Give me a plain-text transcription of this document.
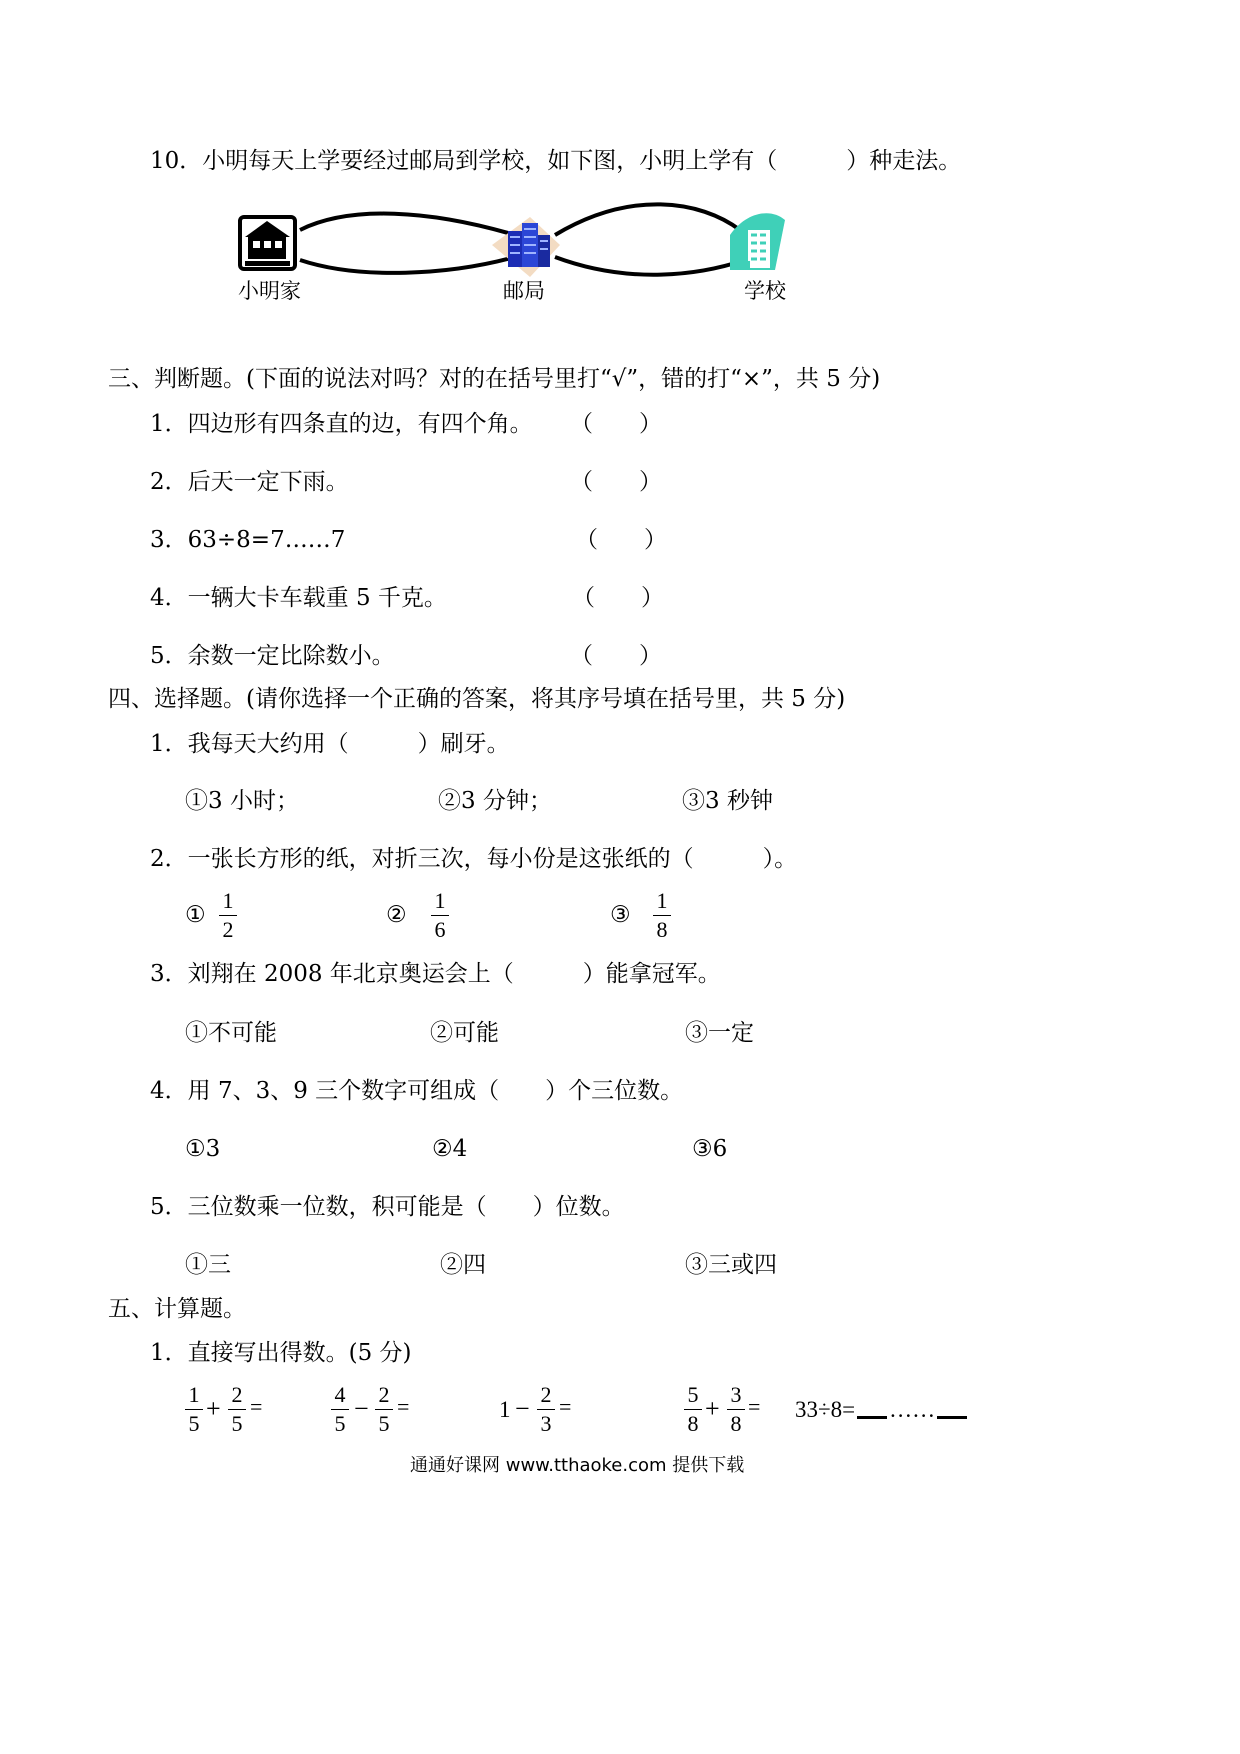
10．小明每天上学要经过邮局到学校，如下图，小明上学有（　　　）种走法。
小明家	邮局	学校
三、判断题。(下面的说法对吗？对的在括号里打“√”，错的打“×”，共 5 分)
1．四边形有四条直的边，有四个角。 （　　）
2．后天一定下雨。	（　　）
3．63÷8=7……7	（　　）
4．一辆大卡车载重 5 千克。	（　　）
5．余数一定比除数小。	（　　）
四、选择题。(请你选择一个正确的答案，将其序号填在括号里，共 5 分)
1．我每天大约用（　　　）刷牙。
①3 小时；	②3 分钟；	③3 秒钟
2．一张长方形的纸，对折三次，每小份是这张纸的（　　　）。
①
1
2
②
1
6
③
1
8
3．刘翔在 2008 年北京奥运会上（　　　）能拿冠军。
①不可能	②可能	③一定
4．用 7、3、9 三个数字可组成（　　）个三位数。
①3	②4	③6
5．三位数乘一位数，积可能是（　　）位数。
①三	②四	③三或四
五、计算题。
1．直接写出得数。(5 分)
1
5
+ 2
5
=	4
5
− 2
5
=	1 − 2
3
=	5
8
+ 3
8
= 33÷8= ……
通通好课网 www.tthaoke.com 提供下载
